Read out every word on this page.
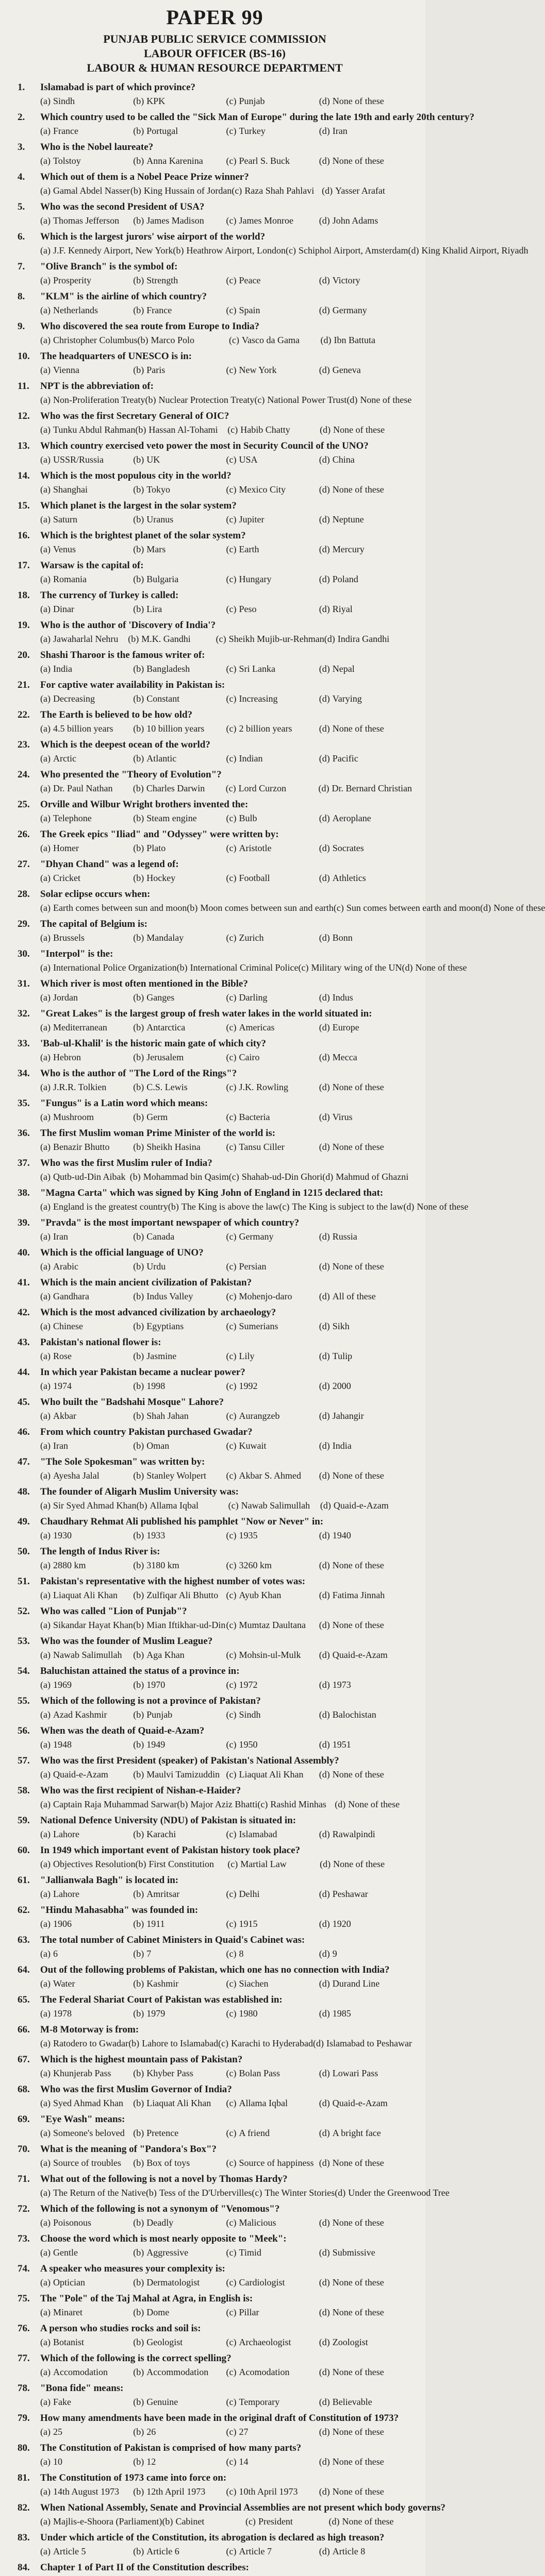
PAPER 99
PUNJAB PUBLIC SERVICE COMMISSION
LABOUR OFFICER (BS-16)
LABOUR & HUMAN RESOURCE DEPARTMENT
1.	Islamabad is part of which province?
(a) Sindh	(b) KPK	(c) Punjab	(d) None of these
2.	Which country used to be called the "Sick Man of Europe" during the late 19th and early 20th century?
(a) France	(b) Portugal	(c) Turkey	(d) Iran
3.	Who is the Nobel laureate?
(a) Tolstoy	(b) Anna Karenina	(c) Pearl S. Buck	(d) None of these
4.	Which out of them is a Nobel Peace Prize winner?
(a) Gamal Abdel Nasser (b) King Hussain of Jordan (c) Raza Shah Pahlavi (d) Yasser Arafat
5.	Who was the second President of USA?
(a) Thomas Jefferson	(b) James Madison	(c) James Monroe	(d) John Adams
6.	Which is the largest jurors' wise airport of the world?
(a) J.F. Kennedy Airport, New York (b) Heathrow Airport, London (c) Schiphol Airport, Amsterdam (d) King Khalid Airport, Riyadh
7.	"Olive Branch" is the symbol of:
(a) Prosperity	(b) Strength	(c) Peace	(d) Victory
8.	"KLM" is the airline of which country?
(a) Netherlands	(b) France	(c) Spain	(d) Germany
9.	Who discovered the sea route from Europe to India?
(a) Christopher Columbus (b) Marco Polo	(c) Vasco da Gama	(d) Ibn Battuta
10.	The headquarters of UNESCO is in:
(a) Vienna	(b) Paris	(c) New York	(d) Geneva
11.	NPT is the abbreviation of:
(a) Non-Proliferation Treaty (b) Nuclear Protection Treaty (c) National Power Trust (d) None of these
12.	Who was the first Secretary General of OIC?
(a) Tunku Abdul Rahman (b) Hassan Al-Tohami	(c) Habib Chatty	(d) None of these
13.	Which country exercised veto power the most in Security Council of the UNO?
(a) USSR/Russia	(b) UK	(c) USA	(d) China
14.	Which is the most populous city in the world?
(a) Shanghai	(b) Tokyo	(c) Mexico City	(d) None of these
15.	Which planet is the largest in the solar system?
(a) Saturn	(b) Uranus	(c) Jupiter	(d) Neptune
16.	Which is the brightest planet of the solar system?
(a) Venus	(b) Mars	(c) Earth	(d) Mercury
17.	Warsaw is the capital of:
(a) Romania	(b) Bulgaria	(c) Hungary	(d) Poland
18.	The currency of Turkey is called:
(a) Dinar	(b) Lira	(c) Peso	(d) Riyal
19.	Who is the author of 'Discovery of India'?
(a) Jawaharlal Nehru	(b) M.K. Gandhi	(c) Sheikh Mujib-ur-Rehman (d) Indira Gandhi
20.	Shashi Tharoor is the famous writer of:
(a) India	(b) Bangladesh	(c) Sri Lanka	(d) Nepal
21.	For captive water availability in Pakistan is:
(a) Decreasing	(b) Constant	(c) Increasing	(d) Varying
22.	The Earth is believed to be how old?
(a) 4.5 billion years	(b) 10 billion years	(c) 2 billion years	(d) None of these
23.	Which is the deepest ocean of the world?
(a) Arctic	(b) Atlantic	(c) Indian	(d) Pacific
24.	Who presented the "Theory of Evolution"?
(a) Dr. Paul Nathan	(b) Charles Darwin	(c) Lord Curzon	(d) Dr. Bernard Christian
25.	Orville and Wilbur Wright brothers invented the:
(a) Telephone	(b) Steam engine	(c) Bulb	(d) Aeroplane
26.	The Greek epics "Iliad" and "Odyssey" were written by:
(a) Homer	(b) Plato	(c) Aristotle	(d) Socrates
27.	"Dhyan Chand" was a legend of:
(a) Cricket	(b) Hockey	(c) Football	(d) Athletics
28.	Solar eclipse occurs when:
(a) Earth comes between sun and moon (b) Moon comes between sun and earth (c) Sun comes between earth and moon (d) None of these
29.	The capital of Belgium is:
(a) Brussels	(b) Mandalay	(c) Zurich	(d) Bonn
30.	"Interpol" is the:
(a) International Police Organization (b) International Criminal Police (c) Military wing of the UN (d) None of these
31.	Which river is most often mentioned in the Bible?
(a) Jordan	(b) Ganges	(c) Darling	(d) Indus
32.	"Great Lakes" is the largest group of fresh water lakes in the world situated in:
(a) Mediterranean	(b) Antarctica	(c) Americas	(d) Europe
33.	'Bab-ul-Khalil' is the historic main gate of which city?
(a) Hebron	(b) Jerusalem	(c) Cairo	(d) Mecca
34.	Who is the author of "The Lord of the Rings"?
(a) J.R.R. Tolkien	(b) C.S. Lewis	(c) J.K. Rowling	(d) None of these
35.	"Fungus" is a Latin word which means:
(a) Mushroom	(b) Germ	(c) Bacteria	(d) Virus
36.	The first Muslim woman Prime Minister of the world is:
(a) Benazir Bhutto	(b) Sheikh Hasina	(c) Tansu Ciller	(d) None of these
37.	Who was the first Muslim ruler of India?
(a) Qutb-ud-Din Aibak (b) Mohammad bin Qasim (c) Shahab-ud-Din Ghori (d) Mahmud of Ghazni
38.	"Magna Carta" which was signed by King John of England in 1215 declared that:
(a) England is the greatest country (b) The King is above the law (c) The King is subject to the law (d) None of these
39.	"Pravda" is the most important newspaper of which country?
(a) Iran	(b) Canada	(c) Germany	(d) Russia
40.	Which is the official language of UNO?
(a) Arabic	(b) Urdu	(c) Persian	(d) None of these
41.	Which is the main ancient civilization of Pakistan?
(a) Gandhara	(b) Indus Valley	(c) Mohenjo-daro	(d) All of these
42.	Which is the most advanced civilization by archaeology?
(a) Chinese	(b) Egyptians	(c) Sumerians	(d) Sikh
43.	Pakistan's national flower is:
(a) Rose	(b) Jasmine	(c) Lily	(d) Tulip
44.	In which year Pakistan became a nuclear power?
(a) 1974	(b) 1998	(c) 1992	(d) 2000
45.	Who built the "Badshahi Mosque" Lahore?
(a) Akbar	(b) Shah Jahan	(c) Aurangzeb	(d) Jahangir
46.	From which country Pakistan purchased Gwadar?
(a) Iran	(b) Oman	(c) Kuwait	(d) India
47.	"The Sole Spokesman" was written by:
(a) Ayesha Jalal	(b) Stanley Wolpert	(c) Akbar S. Ahmed	(d) None of these
48.	The founder of Aligarh Muslim University was:
(a) Sir Syed Ahmad Khan (b) Allama Iqbal	(c) Nawab Salimullah	(d) Quaid-e-Azam
49.	Chaudhary Rehmat Ali published his pamphlet "Now or Never" in:
(a) 1930	(b) 1933	(c) 1935	(d) 1940
50.	The length of Indus River is:
(a) 2880 km	(b) 3180 km	(c) 3260 km	(d) None of these
51.	Pakistan's representative with the highest number of votes was:
(a) Liaquat Ali Khan	(b) Zulfiqar Ali Bhutto (c) Ayub Khan	(d) Fatima Jinnah
52.	Who was called "Lion of Punjab"?
(a) Sikandar Hayat Khan (b) Mian Iftikhar-ud-Din (c) Mumtaz Daultana	(d) None of these
53.	Who was the founder of Muslim League?
(a) Nawab Salimullah	(b) Aga Khan	(c) Mohsin-ul-Mulk	(d) Quaid-e-Azam
54.	Baluchistan attained the status of a province in:
(a) 1969	(b) 1970	(c) 1972	(d) 1973
55.	Which of the following is not a province of Pakistan?
(a) Azad Kashmir	(b) Punjab	(c) Sindh	(d) Balochistan
56.	When was the death of Quaid-e-Azam?
(a) 1948	(b) 1949	(c) 1950	(d) 1951
57.	Who was the first President (speaker) of Pakistan's National Assembly?
(a) Quaid-e-Azam	(b) Maulvi Tamizuddin (c) Liaquat Ali Khan	(d) None of these
58.	Who was the first recipient of Nishan-e-Haider?
(a) Captain Raja Muhammad Sarwar (b) Major Aziz Bhatti (c) Rashid Minhas (d) None of these
59.	National Defence University (NDU) of Pakistan is situated in:
(a) Lahore	(b) Karachi	(c) Islamabad	(d) Rawalpindi
60.	In 1949 which important event of Pakistan history took place?
(a) Objectives Resolution (b) First Constitution	(c) Martial Law	(d) None of these
61.	"Jallianwala Bagh" is located in:
(a) Lahore	(b) Amritsar	(c) Delhi	(d) Peshawar
62.	"Hindu Mahasabha" was founded in:
(a) 1906	(b) 1911	(c) 1915	(d) 1920
63.	The total number of Cabinet Ministers in Quaid's Cabinet was:
(a) 6	(b) 7	(c) 8	(d) 9
64.	Out of the following problems of Pakistan, which one has no connection with India?
(a) Water	(b) Kashmir	(c) Siachen	(d) Durand Line
65.	The Federal Shariat Court of Pakistan was established in:
(a) 1978	(b) 1979	(c) 1980	(d) 1985
66.	M-8 Motorway is from:
(a) Ratodero to Gwadar (b) Lahore to Islamabad (c) Karachi to Hyderabad (d) Islamabad to Peshawar
67.	Which is the highest mountain pass of Pakistan?
(a) Khunjerab Pass	(b) Khyber Pass	(c) Bolan Pass	(d) Lowari Pass
68.	Who was the first Muslim Governor of India?
(a) Syed Ahmad Khan	(b) Liaquat Ali Khan	(c) Allama Iqbal	(d) Quaid-e-Azam
69.	"Eye Wash" means:
(a) Someone's beloved (b) Pretence	(c) A friend	(d) A bright face
70.	What is the meaning of "Pandora's Box"?
(a) Source of troubles	(b) Box of toys	(c) Source of happiness (d) None of these
71.	What out of the following is not a novel by Thomas Hardy?
(a) The Return of the Native (b) Tess of the D'Urbervilles (c) The Winter Stories (d) Under the Greenwood Tree
72.	Which of the following is not a synonym of "Venomous"?
(a) Poisonous	(b) Deadly	(c) Malicious	(d) None of these
73.	Choose the word which is most nearly opposite to "Meek":
(a) Gentle	(b) Aggressive	(c) Timid	(d) Submissive
74.	A speaker who measures your complexity is:
(a) Optician	(b) Dermatologist	(c) Cardiologist	(d) None of these
75.	The "Pole" of the Taj Mahal at Agra, in English is:
(a) Minaret	(b) Dome	(c) Pillar	(d) None of these
76.	A person who studies rocks and soil is:
(a) Botanist	(b) Geologist	(c) Archaeologist	(d) Zoologist
77.	Which of the following is the correct spelling?
(a) Accomodation	(b) Accommodation	(c) Acomodation	(d) None of these
78.	"Bona fide" means:
(a) Fake	(b) Genuine	(c) Temporary	(d) Believable
79.	How many amendments have been made in the original draft of Constitution of 1973?
(a) 25	(b) 26	(c) 27	(d) None of these
80.	The Constitution of Pakistan is comprised of how many parts?
(a) 10	(b) 12	(c) 14	(d) None of these
81.	The Constitution of 1973 came into force on:
(a) 14th August 1973	(b) 12th April 1973	(c) 10th April 1973	(d) None of these
82.	When National Assembly, Senate and Provincial Assemblies are not present which body governs?
(a) Majlis-e-Shoora (Parliament) (b) Cabinet	(c) President	(d) None of these
83.	Under which article of the Constitution, its abrogation is declared as high treason?
(a) Article 5	(b) Article 6	(c) Article 7	(d) Article 8
84.	Chapter 1 of Part II of the Constitution describes:
